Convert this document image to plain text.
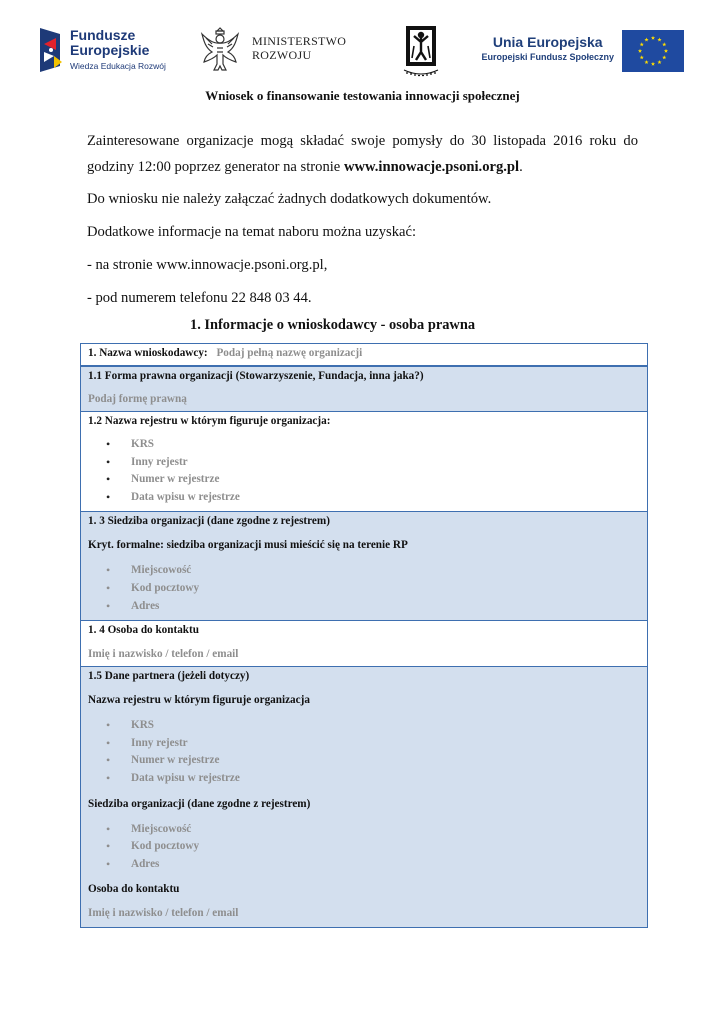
Fundusze
Europejskie
Wiedza Edukacja Rozwój
MINISTERSTWO
ROZWOJU
Unia Europejska
Europejski Fundusz Społeczny
Wniosek o finansowanie testowania innowacji społecznej
Zainteresowane organizacje mogą składać swoje pomysły do 30 listopada 2016 roku do godziny 12:00 poprzez generator na stronie www.innowacje.psoni.org.pl.
Do wniosku nie należy załączać żadnych dodatkowych dokumentów.
Dodatkowe informacje na temat naboru można uzyskać:
- na stronie www.innowacje.psoni.org.pl,
- pod numerem telefonu 22 848 03 44.
1. Informacje o wnioskodawcy - osoba prawna
1. Nazwa wnioskodawcy: Podaj pełną nazwę organizacji
1.1 Forma prawna organizacji (Stowarzyszenie, Fundacja, inna jaka?)
Podaj formę prawną
1.2 Nazwa rejestru w którym figuruje organizacja:
• KRS
• Inny rejestr
• Numer w rejestrze
• Data wpisu w rejestrze
1. 3 Siedziba organizacji (dane zgodne z rejestrem)
Kryt. formalne: siedziba organizacji musi mieścić się na terenie RP
• Miejscowość
• Kod pocztowy
• Adres
1. 4 Osoba do kontaktu
Imię i nazwisko / telefon / email
1.5 Dane partnera (jeżeli dotyczy)
Nazwa rejestru w którym figuruje organizacja
• KRS
• Inny rejestr
• Numer w rejestrze
• Data wpisu w rejestrze
Siedziba organizacji (dane zgodne z rejestrem)
• Miejscowość
• Kod pocztowy
• Adres
Osoba do kontaktu
Imię i nazwisko / telefon / email
